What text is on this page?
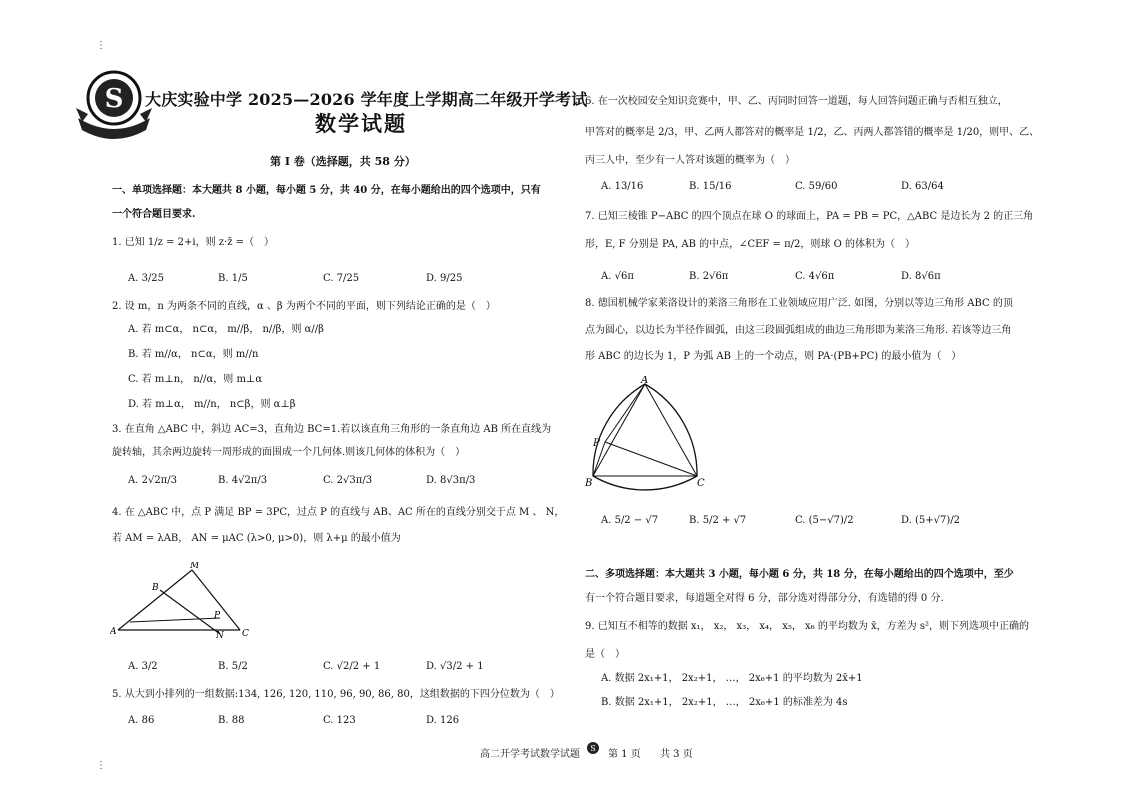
S
⋮
⋮
大庆实验中学 2025—2026 学年度上学期高二年级开学考试
数学试题
第 I 卷（选择题，共 58 分）
一、单项选择题：本大题共 8 小题，每小题 5 分，共 40 分，在每小题给出的四个选项中，只有
一个符合题目要求.
1. 已知 1/z = 2+i，则 z·z̄ =（　）
A. 3/25	B. 1/5	C. 7/25	D. 9/25
2. 设 m，n 为两条不同的直线，α 、β 为两个不同的平面，则下列结论正确的是（　）
A. 若 m⊂α， n⊂α， m//β， n//β，则 α//β
B. 若 m//α， n⊂α，则 m//n
C. 若 m⊥n， n//α，则 m⊥α
D. 若 m⊥α， m//n， n⊂β，则 α⊥β
3. 在直角 △ABC 中，斜边 AC=3，直角边 BC=1.若以该直角三角形的一条直角边 AB 所在直线为
旋转轴，其余两边旋转一周形成的面围成一个几何体.则该几何体的体积为（　）
A. 2√2π/3	B. 4√2π/3	C. 2√3π/3	D. 8√3π/3
4. 在 △ABC 中，点 P 满足 BP = 3PC，过点 P 的直线与 AB、AC 所在的直线分别交于点 M 、 N，
若 AM = λAB， AN = μAC (λ>0, μ>0)，则 λ+μ 的最小值为
A
M
B
P
N C
A. 3/2	B. 5/2	C. √2/2 + 1	D. √3/2 + 1
5. 从大到小排列的一组数据:134, 126, 120, 110, 96, 90, 86, 80，这组数据的下四分位数为（　）
A. 86	B. 88	C. 123	D. 126
6. 在一次校园安全知识竞赛中，甲、乙、丙同时回答一道题，每人回答问题正确与否相互独立，
甲答对的概率是 2/3，甲、乙两人都答对的概率是 1/2，乙、丙两人都答错的概率是 1/20，则甲、乙、
丙三人中，至少有一人答对该题的概率为（　）
A. 13/16	B. 15/16	C. 59/60	D. 63/64
7. 已知三棱锥 P−ABC 的四个顶点在球 O 的球面上，PA = PB = PC，△ABC 是边长为 2 的正三角
形，E, F 分别是 PA, AB 的中点，∠CEF = π/2，则球 O 的体积为（　）
A. √6π	B. 2√6π	C. 4√6π	D. 8√6π
8. 德国机械学家莱洛设计的莱洛三角形在工业领域应用广泛. 如图，分别以等边三角形 ABC 的顶
点为圆心，以边长为半径作圆弧，由这三段圆弧组成的曲边三角形即为莱洛三角形. 若该等边三角
形 ABC 的边长为 1，P 为弧 AB 上的一个动点，则 PA·(PB+PC) 的最小值为（　）
A
P
B	C
A. 5/2 − √7	B. 5/2 + √7	C. (5−√7)/2	D. (5+√7)/2
二、多项选择题：本大题共 3 小题，每小题 6 分，共 18 分，在每小题给出的四个选项中，至少
有一个符合题目要求，每道题全对得 6 分，部分选对得部分分，有选错的得 0 分.
9. 已知互不相等的数据 x₁， x₂， x₃， x₄， x₅， x₆ 的平均数为 x̄，方差为 s²，则下列选项中正确的
是（　）
A. 数据 2x₁+1， 2x₂+1， …， 2x₆+1 的平均数为 2x̄+1
B. 数据 2x₁+1， 2x₂+1， …， 2x₆+1 的标准差为 4s
高二开学考试数学试题
S
第 1 页 共 3 页
